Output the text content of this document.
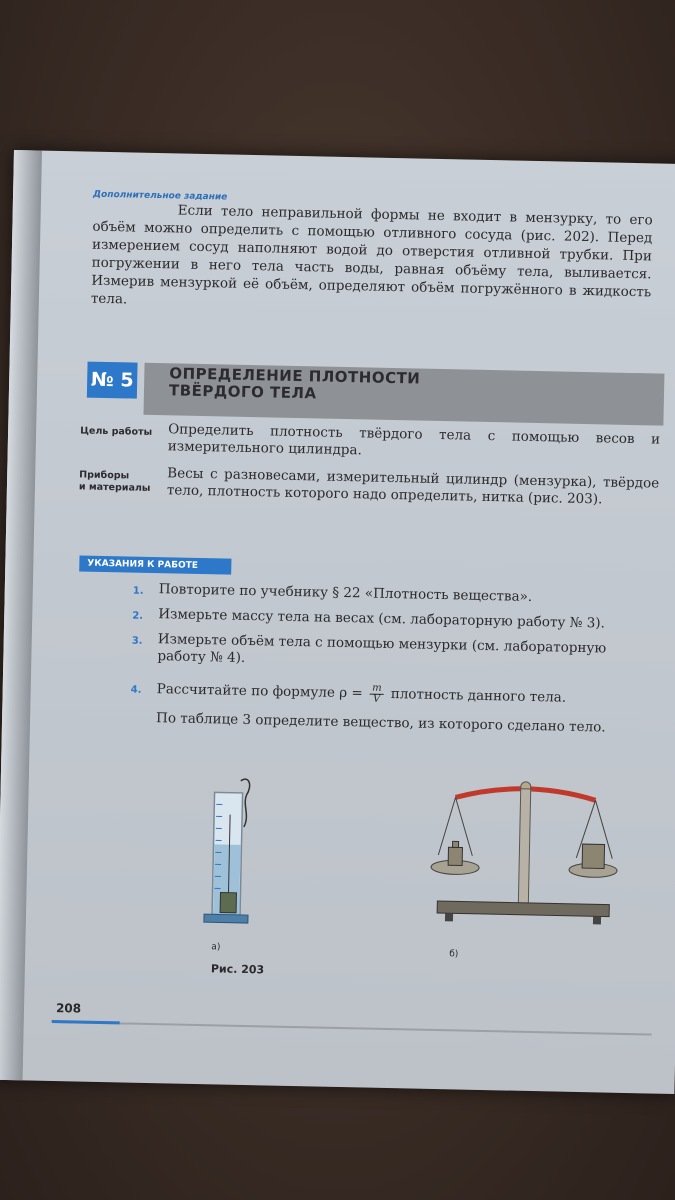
Дополнительное задание
Если тело неправильной формы не входит в мензурку, то его объём можно определить с помощью отливного сосуда (рис. 202). Перед измерением сосуд наполняют водой до отверстия отливной трубки. При погружении в него тела часть воды, равная объёму тела, выливается. Измерив мензуркой её объём, определяют объём погружённого в жидкость тела.
№ 5 ОПРЕДЕЛЕНИЕ ПЛОТНОСТИ
ТВЁРДОГО ТЕЛА
Цель работы	Определить плотность твёрдого тела с помощью весов и измерительного цилиндра.
Приборы
и материалы	Весы с разновесами, измерительный цилиндр (мензурка), твёрдое тело, плотность которого надо определить, нитка (рис. 203).
УКАЗАНИЯ К РАБОТЕ
1.	Повторите по учебнику § 22 «Плотность вещества».
2.	Измерьте массу тела на весах (см. лабораторную работу № 3).
3.	Измерьте объём тела с помощью мензурки (см. лабораторную работу № 4).
4.	Рассчитайте по формуле $\rho = \frac{m}{V}$ плотность данного тела.
По таблице 3 определите вещество, из которого сделано тело.
а)
б)
Рис. 203
208
